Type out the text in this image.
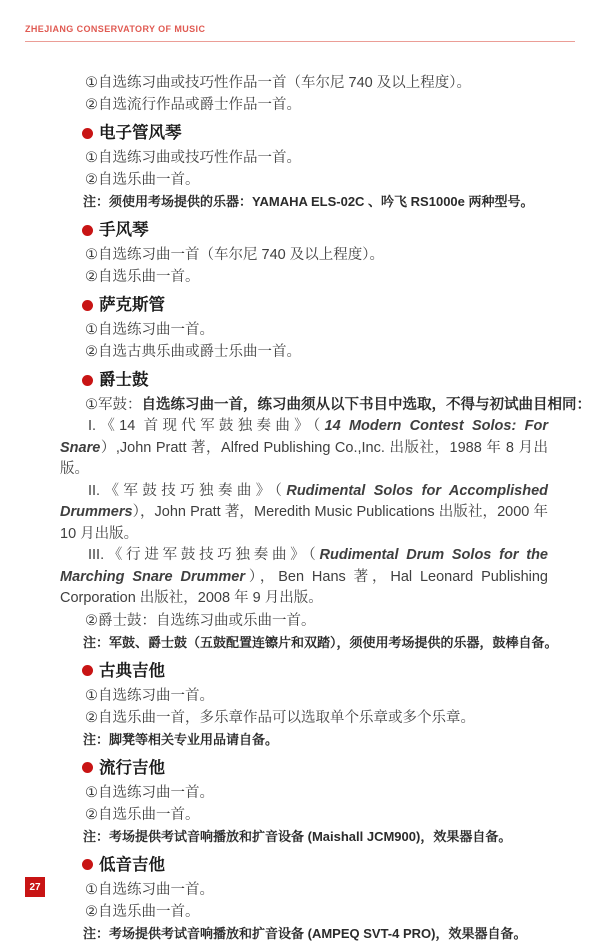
ZHEJIANG CONSERVATORY OF MUSIC

①自选练习曲或技巧性作品一首（车尔尼 740 及以上程度）。

②自选流行作品或爵士作品一首。

电子管风琴

①自选练习曲或技巧性作品一首。

②自选乐曲一首。

注：须使用考场提供的乐器：YAMAHA ELS-02C 、吟飞 RS1000e 两种型号。

手风琴

①自选练习曲一首（车尔尼 740 及以上程度）。

②自选乐曲一首。

萨克斯管

①自选练习曲一首。

②自选古典乐曲或爵士乐曲一首。

爵士鼓

①军鼓：自选练习曲一首，练习曲须从以下书目中选取，不得与初试曲目相同：

I.《14 首现代军鼓独奏曲》（14 Modern Contest Solos: For Snare）,John Pratt 著，Alfred Publishing Co.,Inc. 出版社，1988 年 8 月出版。

II.《军鼓技巧独奏曲》（Rudimental Solos for Accomplished Drummers），John Pratt 著，Meredith Music Publications 出版社，2000 年 10 月出版。

III.《行进军鼓技巧独奏曲》（Rudimental Drum Solos for the Marching Snare Drummer），Ben Hans 著，Hal Leonard Publishing Corporation 出版社，2008 年 9 月出版。

②爵士鼓：自选练习曲或乐曲一首。

注：军鼓、爵士鼓（五鼓配置连镲片和双踏），须使用考场提供的乐器，鼓棒自备。

古典吉他

①自选练习曲一首。

②自选乐曲一首，多乐章作品可以选取单个乐章或多个乐章。

注：脚凳等相关专业用品请自备。

流行吉他

①自选练习曲一首。

②自选乐曲一首。

注：考场提供考试音响播放和扩音设备 (Maishall JCM900)，效果器自备。

低音吉他

①自选练习曲一首。

②自选乐曲一首。

注：考场提供考试音响播放和扩音设备 (AMPEQ SVT-4 PRO)，效果器自备。

27
